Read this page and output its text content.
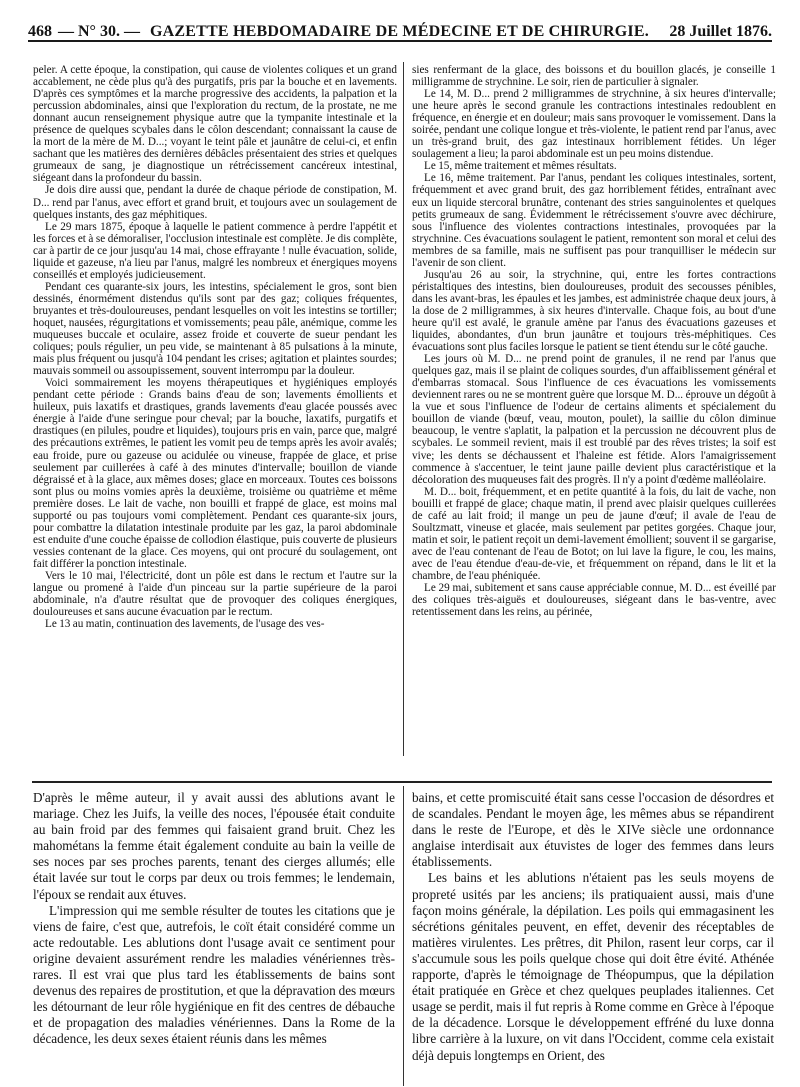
468 — N° 30. — GAZETTE HEBDOMADAIRE DE MÉDECINE ET DE CHIRURGIE. 28 Juillet 1876.

peler. A cette époque, la constipation, qui cause de violentes coliques et un grand accablement, ne cède plus qu'à des purgatifs, pris par la bouche et en lavements. D'après ces symptômes et la marche progressive des accidents, la palpation et la percussion abdominales, ainsi que l'exploration du rectum, de la prostate, ne me donnant aucun renseignement physique autre que la tympanite intestinale et la présence de quelques scybales dans le côlon descendant; connaissant la cause de la mort de la mère de M. D...; voyant le teint pâle et jaunâtre de celui-ci, et enfin sachant que les matières des dernières débâcles présentaient des stries et quelques grumeaux de sang, je diagnostique un rétrécissement cancéreux intestinal, siégeant dans la profondeur du bassin.

Je dois dire aussi que, pendant la durée de chaque période de constipation, M. D... rend par l'anus, avec effort et grand bruit, et toujours avec un soulagement de quelques instants, des gaz méphitiques.

Le 29 mars 1875, époque à laquelle le patient commence à perdre l'appétit et les forces et à se démoraliser, l'occlusion intestinale est complète. Je dis complète, car à partir de ce jour jusqu'au 14 mai, chose effrayante ! nulle évacuation, solide, liquide et gazeuse, n'a lieu par l'anus, malgré les nombreux et énergiques moyens conseillés et employés judicieusement.

Pendant ces quarante-six jours, les intestins, spécialement le gros, sont bien dessinés, énormément distendus qu'ils sont par des gaz; coliques fréquentes, bruyantes et très-douloureuses, pendant lesquelles on voit les intestins se tortiller; hoquet, nausées, régurgitations et vomissements; peau pâle, anémique, comme les muqueuses buccale et oculaire, assez froide et couverte de sueur pendant les coliques; pouls régulier, un peu vide, se maintenant à 85 pulsations à la minute, mais plus fréquent ou jusqu'à 104 pendant les crises; agitation et plaintes sourdes; mauvais sommeil ou assoupissement, souvent interrompu par la douleur.

Voici sommairement les moyens thérapeutiques et hygiéniques employés pendant cette période : Grands bains d'eau de son; lavements émollients et huileux, puis laxatifs et drastiques, grands lavements d'eau glacée poussés avec énergie à l'aide d'une seringue pour cheval; par la bouche, laxatifs, purgatifs et drastiques (en pilules, poudre et liquides), toujours pris en vain, parce que, malgré des précautions extrêmes, le patient les vomit peu de temps après les avoir avalés; eau froide, pure ou gazeuse ou acidulée ou vineuse, frappée de glace, et prise seulement par cuillerées à café à des minutes d'intervalle; bouillon de viande dégraissé et à la glace, aux mêmes doses; glace en morceaux. Toutes ces boissons sont plus ou moins vomies après la deuxième, troisième ou quatrième et même première doses. Le lait de vache, non bouilli et frappé de glace, est moins mal supporté ou pas toujours vomi complètement. Pendant ces quarante-six jours, pour combattre la dilatation intestinale produite par les gaz, la paroi abdominale est enduite d'une couche épaisse de collodion élastique, puis couverte de plusieurs vessies contenant de la glace. Ces moyens, qui ont procuré du soulagement, ont fait différer la ponction intestinale.

Vers le 10 mai, l'électricité, dont un pôle est dans le rectum et l'autre sur la langue ou promené à l'aide d'un pinceau sur la partie supérieure de la paroi abdominale, n'a d'autre résultat que de provoquer des coliques énergiques, douloureuses et sans aucune évacuation par le rectum.

Le 13 au matin, continuation des lavements, de l'usage des ves-

sies renfermant de la glace, des boissons et du bouillon glacés, je conseille 1 milligramme de strychnine. Le soir, rien de particulier à signaler.

Le 14, M. D... prend 2 milligrammes de strychnine, à six heures d'intervalle; une heure après le second granule les contractions intestinales redoublent en fréquence, en énergie et en douleur; mais sans provoquer le vomissement. Dans la soirée, pendant une colique longue et très-violente, le patient rend par l'anus, avec un très-grand bruit, des gaz intestinaux horriblement fétides. Un léger soulagement a lieu; la paroi abdominale est un peu moins distendue.

Le 15, même traitement et mêmes résultats.

Le 16, même traitement. Par l'anus, pendant les coliques intestinales, sortent, fréquemment et avec grand bruit, des gaz horriblement fétides, entraînant avec eux un liquide stercoral brunâtre, contenant des stries sanguinolentes et quelques petits grumeaux de sang. Évidemment le rétrécissement s'ouvre avec déchirure, sous l'influence des violentes contractions intestinales, provoquées par la strychnine. Ces évacuations soulagent le patient, remontent son moral et celui des membres de sa famille, mais ne suffisent pas pour tranquilliser le médecin sur l'avenir de son client.

Jusqu'au 26 au soir, la strychnine, qui, entre les fortes contractions péristaltiques des intestins, bien douloureuses, produit des secousses pénibles, dans les avant-bras, les épaules et les jambes, est administrée chaque deux jours, à la dose de 2 milligrammes, à six heures d'intervalle. Chaque fois, au bout d'une heure qu'il est avalé, le granule amène par l'anus des évacuations gazeuses et liquides, abondantes, d'un brun jaunâtre et toujours très-méphitiques. Ces évacuations sont plus faciles lorsque le patient se tient étendu sur le côté gauche.

Les jours où M. D... ne prend point de granules, il ne rend par l'anus que quelques gaz, mais il se plaint de coliques sourdes, d'un affaiblissement général et d'embarras stomacal. Sous l'influence de ces évacuations les vomissements deviennent rares ou ne se montrent guère que lorsque M. D... éprouve un dégoût à la vue et sous l'influence de l'odeur de certains aliments et spécialement du bouillon de viande (bœuf, veau, mouton, poulet), la saillie du côlon diminue beaucoup, le ventre s'aplatit, la palpation et la percussion ne découvrent plus de scybales. Le sommeil revient, mais il est troublé par des rêves tristes; la soif est vive; les dents se déchaussent et l'haleine est fétide. Alors l'amaigrissement commence à s'accentuer, le teint jaune paille devient plus caractéristique et la décoloration des muqueuses fait des progrès. Il n'y a point d'œdème malléolaire.

M. D... boit, fréquemment, et en petite quantité à la fois, du lait de vache, non bouilli et frappé de glace; chaque matin, il prend avec plaisir quelques cuillerées de café au lait froid; il mange un peu de jaune d'œuf; il avale de l'eau de Soultzmatt, vineuse et glacée, mais seulement par petites gorgées. Chaque jour, matin et soir, le patient reçoit un demi-lavement émollient; souvent il se gargarise, avec de l'eau contenant de l'eau de Botot; on lui lave la figure, le cou, les mains, avec de l'eau étendue d'eau-de-vie, et fréquemment on répand, dans le lit et la chambre, de l'eau phéniquée.

Le 29 mai, subitement et sans cause appréciable connue, M. D... est éveillé par des coliques très-aiguës et douloureuses, siégeant dans le bas-ventre, avec retentissement dans les reins, au périnée,

D'après le même auteur, il y avait aussi des ablutions avant le mariage. Chez les Juifs, la veille des noces, l'épousée était conduite au bain froid par des femmes qui faisaient grand bruit. Chez les mahométans la femme était également conduite au bain la veille de ses noces par ses proches parents, tenant des cierges allumés; elle était lavée sur tout le corps par deux ou trois femmes; le lendemain, l'époux se rendait aux étuves.

L'impression qui me semble résulter de toutes les citations que je viens de faire, c'est que, autrefois, le coït était considéré comme un acte redoutable. Les ablutions dont l'usage avait ce sentiment pour origine devaient assurément rendre les maladies vénériennes très-rares. Il est vrai que plus tard les établissements de bains sont devenus des repaires de prostitution, et que la dépravation des mœurs les détournant de leur rôle hygiénique en fit des centres de débauche et de propagation des maladies vénériennes. Dans la Rome de la décadence, les deux sexes étaient réunis dans les mêmes

bains, et cette promiscuité était sans cesse l'occasion de désordres et de scandales. Pendant le moyen âge, les mêmes abus se répandirent dans le reste de l'Europe, et dès le XIVe siècle une ordonnance anglaise interdisait aux étuvistes de loger des femmes dans leurs établissements.

Les bains et les ablutions n'étaient pas les seuls moyens de propreté usités par les anciens; ils pratiquaient aussi, mais d'une façon moins générale, la dépilation. Les poils qui emmagasinent les sécrétions génitales peuvent, en effet, devenir des réceptables de matières virulentes. Les prêtres, dit Philon, rasent leur corps, car il s'accumule sous les poils quelque chose qui doit être évité. Athénée rapporte, d'après le témoignage de Théopumpus, que la dépilation était pratiquée en Grèce et chez quelques peuplades italiennes. Cet usage se perdit, mais il fut repris à Rome comme en Grèce à l'époque de la décadence. Lorsque le développement effréné du luxe donna libre carrière à la luxure, on vit dans l'Occident, comme cela existait déjà depuis longtemps en Orient, des
